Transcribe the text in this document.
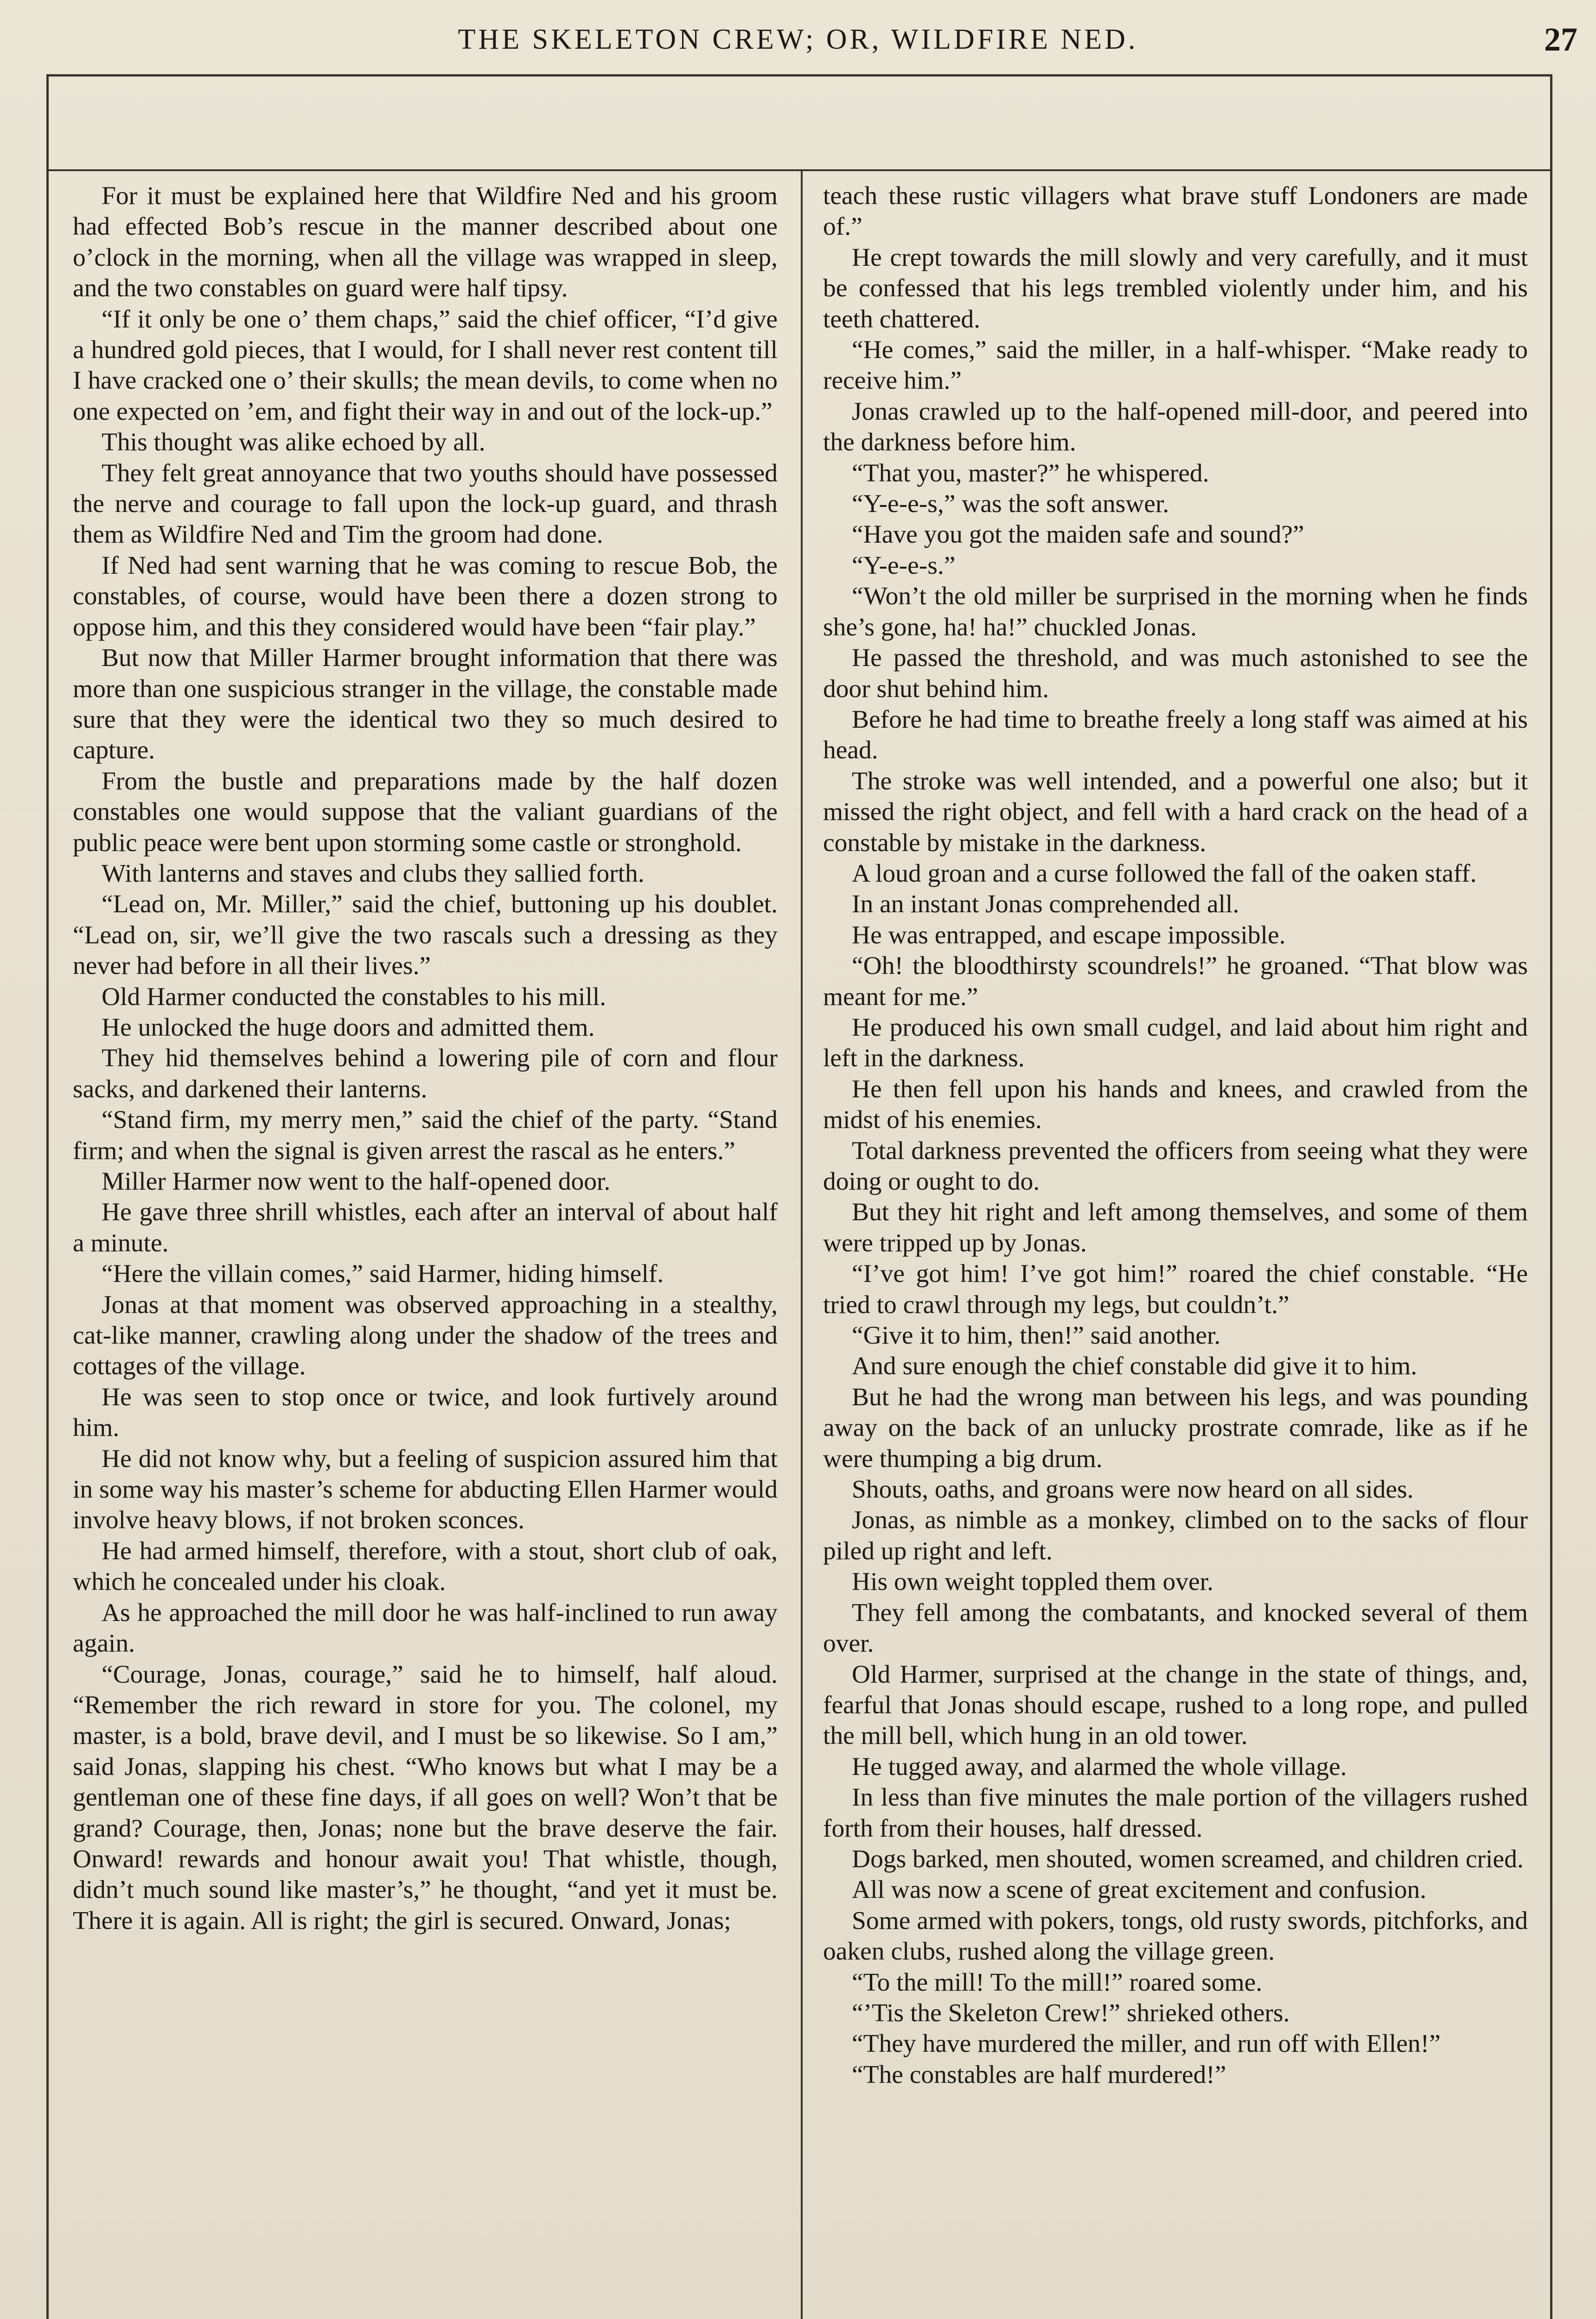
THE SKELETON CREW; OR, WILDFIRE NED.	27

For it must be explained here that Wildfire Ned and his groom had effected Bob’s rescue in the manner described about one o’clock in the morning, when all the village was wrapped in sleep, and the two constables on guard were half tipsy.

“If it only be one o’ them chaps,” said the chief officer, “I’d give a hundred gold pieces, that I would, for I shall never rest content till I have cracked one o’ their skulls; the mean devils, to come when no one expected on ’em, and fight their way in and out of the lock-up.”

This thought was alike echoed by all.

They felt great annoyance that two youths should have possessed the nerve and courage to fall upon the lock-up guard, and thrash them as Wildfire Ned and Tim the groom had done.

If Ned had sent warning that he was coming to rescue Bob, the constables, of course, would have been there a dozen strong to oppose him, and this they considered would have been “fair play.”

But now that Miller Harmer brought information that there was more than one suspicious stranger in the village, the constable made sure that they were the identical two they so much desired to capture.

From the bustle and preparations made by the half dozen constables one would suppose that the valiant guardians of the public peace were bent upon storming some castle or stronghold.

With lanterns and staves and clubs they sallied forth.

“Lead on, Mr. Miller,” said the chief, buttoning up his doublet. “Lead on, sir, we’ll give the two rascals such a dressing as they never had before in all their lives.”

Old Harmer conducted the constables to his mill.

He unlocked the huge doors and admitted them.

They hid themselves behind a lowering pile of corn and flour sacks, and darkened their lanterns.

“Stand firm, my merry men,” said the chief of the party. “Stand firm; and when the signal is given arrest the rascal as he enters.”

Miller Harmer now went to the half-opened door.

He gave three shrill whistles, each after an interval of about half a minute.

“Here the villain comes,” said Harmer, hiding himself.

Jonas at that moment was observed approaching in a stealthy, cat-like manner, crawling along under the shadow of the trees and cottages of the village.

He was seen to stop once or twice, and look furtively around him.

He did not know why, but a feeling of suspicion assured him that in some way his master’s scheme for abducting Ellen Harmer would involve heavy blows, if not broken sconces.

He had armed himself, therefore, with a stout, short club of oak, which he concealed under his cloak.

As he approached the mill door he was half-inclined to run away again.

“Courage, Jonas, courage,” said he to himself, half aloud. “Remember the rich reward in store for you. The colonel, my master, is a bold, brave devil, and I must be so likewise. So I am,” said Jonas, slapping his chest. “Who knows but what I may be a gentleman one of these fine days, if all goes on well? Won’t that be grand? Courage, then, Jonas; none but the brave deserve the fair. Onward! rewards and honour await you! That whistle, though, didn’t much sound like master’s,” he thought, “and yet it must be. There it is again. All is right; the girl is secured. Onward, Jonas;

teach these rustic villagers what brave stuff Londoners are made of.”

He crept towards the mill slowly and very carefully, and it must be confessed that his legs trembled violently under him, and his teeth chattered.

“He comes,” said the miller, in a half-whisper. “Make ready to receive him.”

Jonas crawled up to the half-opened mill-door, and peered into the darkness before him.

“That you, master?” he whispered.

“Y-e-e-s,” was the soft answer.

“Have you got the maiden safe and sound?”

“Y-e-e-s.”

“Won’t the old miller be surprised in the morning when he finds she’s gone, ha! ha!” chuckled Jonas.

He passed the threshold, and was much astonished to see the door shut behind him.

Before he had time to breathe freely a long staff was aimed at his head.

The stroke was well intended, and a powerful one also; but it missed the right object, and fell with a hard crack on the head of a constable by mistake in the darkness.

A loud groan and a curse followed the fall of the oaken staff.

In an instant Jonas comprehended all.

He was entrapped, and escape impossible.

“Oh! the bloodthirsty scoundrels!” he groaned. “That blow was meant for me.”

He produced his own small cudgel, and laid about him right and left in the darkness.

He then fell upon his hands and knees, and crawled from the midst of his enemies.

Total darkness prevented the officers from seeing what they were doing or ought to do.

But they hit right and left among themselves, and some of them were tripped up by Jonas.

“I’ve got him! I’ve got him!” roared the chief constable. “He tried to crawl through my legs, but couldn’t.”

“Give it to him, then!” said another.

And sure enough the chief constable did give it to him.

But he had the wrong man between his legs, and was pounding away on the back of an unlucky prostrate comrade, like as if he were thumping a big drum.

Shouts, oaths, and groans were now heard on all sides.

Jonas, as nimble as a monkey, climbed on to the sacks of flour piled up right and left.

His own weight toppled them over.

They fell among the combatants, and knocked several of them over.

Old Harmer, surprised at the change in the state of things, and, fearful that Jonas should escape, rushed to a long rope, and pulled the mill bell, which hung in an old tower.

He tugged away, and alarmed the whole village.

In less than five minutes the male portion of the villagers rushed forth from their houses, half dressed.

Dogs barked, men shouted, women screamed, and children cried.

All was now a scene of great excitement and confusion.

Some armed with pokers, tongs, old rusty swords, pitchforks, and oaken clubs, rushed along the village green.

“To the mill! To the mill!” roared some.

“’Tis the Skeleton Crew!” shrieked others.

“They have murdered the miller, and run off with Ellen!”

“The constables are half murdered!”
